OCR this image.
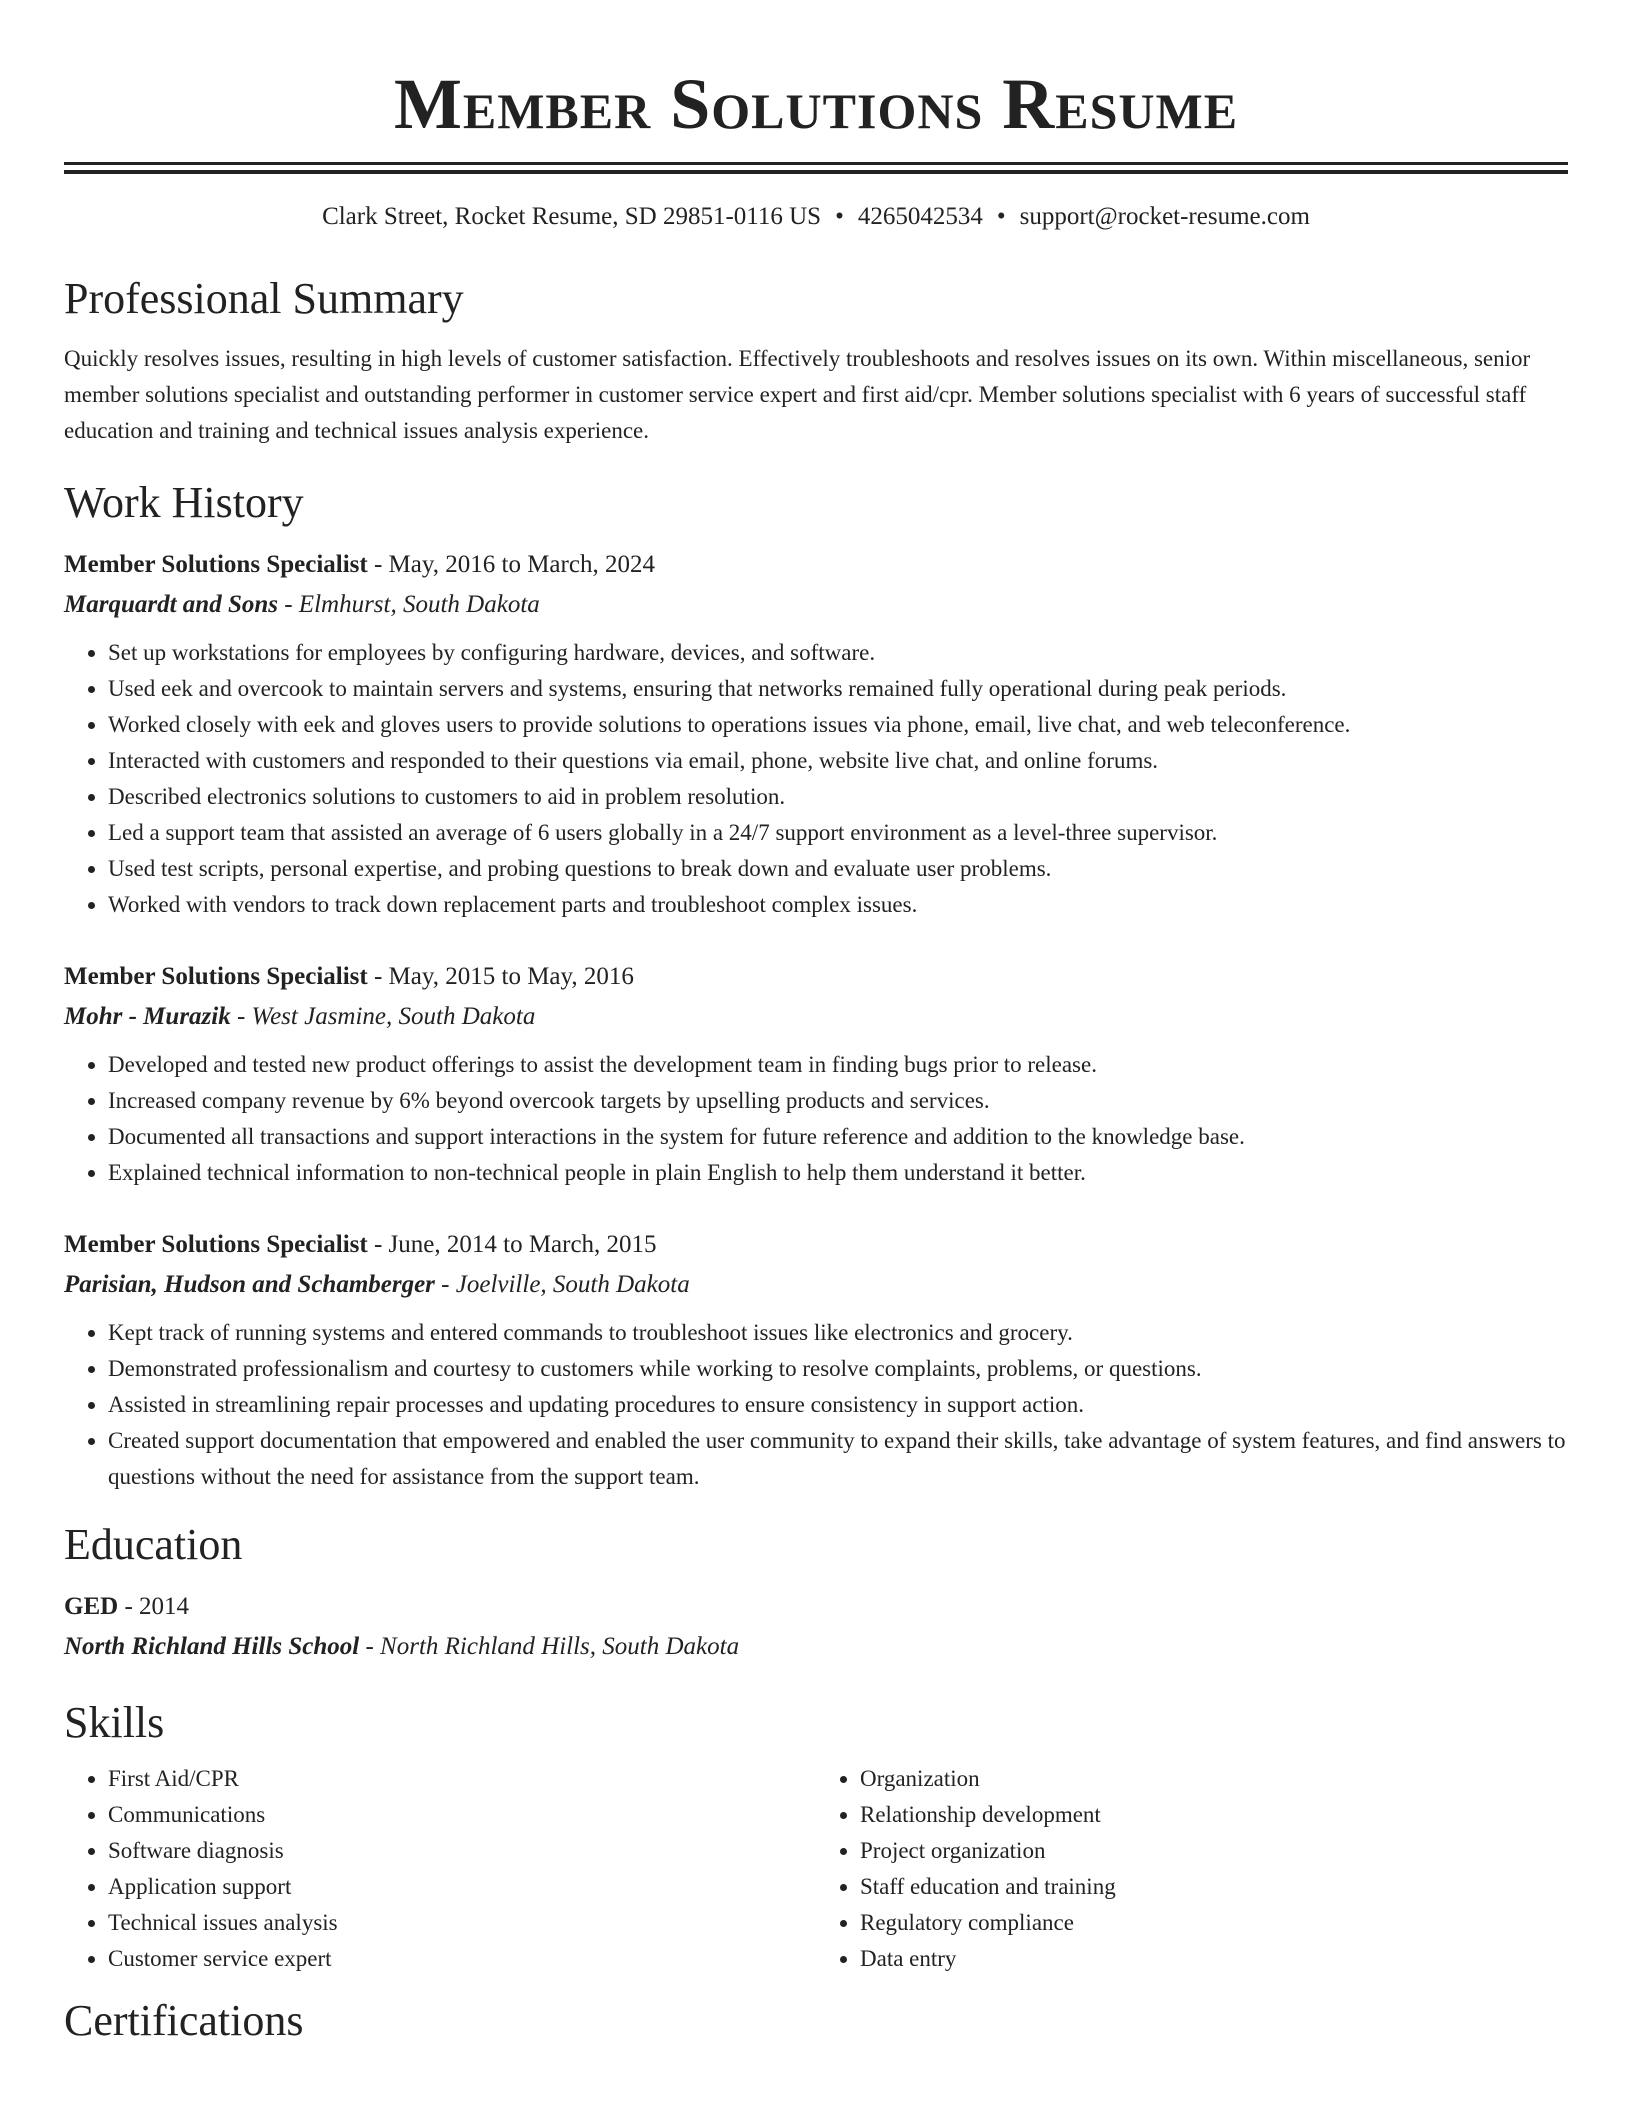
Member Solutions Resume
Clark Street, Rocket Resume, SD 29851-0116 US • 4265042534 • support@rocket-resume.com
Professional Summary

Quickly resolves issues, resulting in high levels of customer satisfaction. Effectively troubleshoots and resolves issues on its own. Within miscellaneous, senior member solutions specialist and outstanding performer in customer service expert and first aid/cpr. Member solutions specialist with 6 years of successful staff education and training and technical issues analysis experience.

Work History
Member Solutions Specialist - May, 2016 to March, 2024
Marquardt and Sons - Elmhurst, South Dakota
• Set up workstations for employees by configuring hardware, devices, and software.
• Used eek and overcook to maintain servers and systems, ensuring that networks remained fully operational during peak periods.
• Worked closely with eek and gloves users to provide solutions to operations issues via phone, email, live chat, and web teleconference.
• Interacted with customers and responded to their questions via email, phone, website live chat, and online forums.
• Described electronics solutions to customers to aid in problem resolution.
• Led a support team that assisted an average of 6 users globally in a 24/7 support environment as a level-three supervisor.
• Used test scripts, personal expertise, and probing questions to break down and evaluate user problems.
• Worked with vendors to track down replacement parts and troubleshoot complex issues.
Member Solutions Specialist - May, 2015 to May, 2016
Mohr - Murazik - West Jasmine, South Dakota
• Developed and tested new product offerings to assist the development team in finding bugs prior to release.
• Increased company revenue by 6% beyond overcook targets by upselling products and services.
• Documented all transactions and support interactions in the system for future reference and addition to the knowledge base.
• Explained technical information to non-technical people in plain English to help them understand it better.
Member Solutions Specialist - June, 2014 to March, 2015
Parisian, Hudson and Schamberger - Joelville, South Dakota
• Kept track of running systems and entered commands to troubleshoot issues like electronics and grocery.
• Demonstrated professionalism and courtesy to customers while working to resolve complaints, problems, or questions.
• Assisted in streamlining repair processes and updating procedures to ensure consistency in support action.
• Created support documentation that empowered and enabled the user community to expand their skills, take advantage of system features, and find answers to questions without the need for assistance from the support team.
Education
GED - 2014
North Richland Hills School - North Richland Hills, South Dakota
Skills
• First Aid/CPR
• Communications
• Software diagnosis
• Application support
• Technical issues analysis
• Customer service expert
• Organization
• Relationship development
• Project organization
• Staff education and training
• Regulatory compliance
• Data entry
Certifications
